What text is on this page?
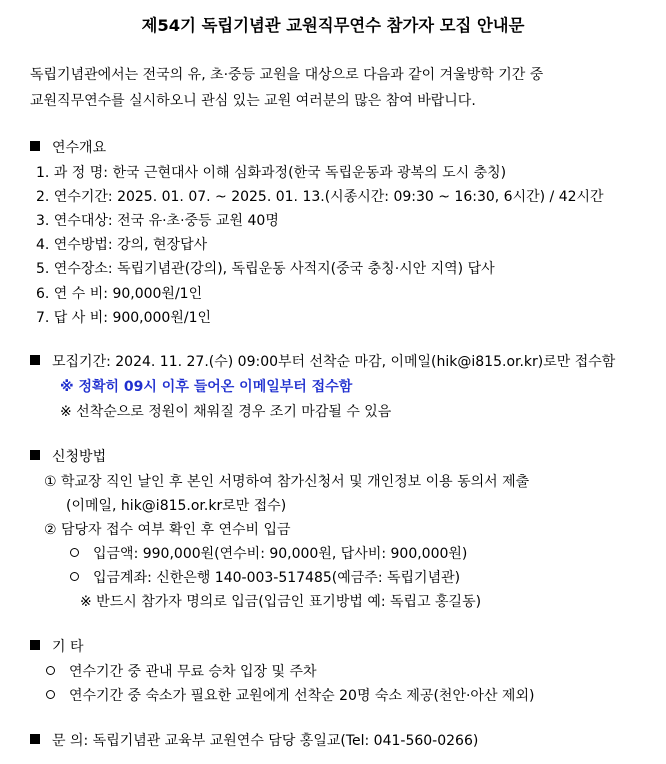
제54기 독립기념관 교원직무연수 참가자 모집 안내문
독립기념관에서는 전국의 유, 초·중등 교원을 대상으로 다음과 같이 겨울방학 기간 중
교원직무연수를 실시하오니 관심 있는 교원 여러분의 많은 참여 바랍니다.
연수개요
1. 과 정 명: 한국 근현대사 이해 심화과정(한국 독립운동과 광복의 도시 충칭)
2. 연수기간: 2025. 01. 07. ~ 2025. 01. 13.(시종시간: 09:30 ~ 16:30, 6시간) / 42시간
3. 연수대상: 전국 유·초·중등 교원 40명
4. 연수방법: 강의, 현장답사
5. 연수장소: 독립기념관(강의), 독립운동 사적지(중국 충칭·시안 지역) 답사
6. 연 수 비: 90,000원/1인
7. 답 사 비: 900,000원/1인
모집기간: 2024. 11. 27.(수) 09:00부터 선착순 마감, 이메일(hik@i815.or.kr)로만 접수함
※ 정확히 09시 이후 들어온 이메일부터 접수함
※ 선착순으로 정원이 채워질 경우 조기 마감될 수 있음
신청방법
① 학교장 직인 날인 후 본인 서명하여 참가신청서 및 개인정보 이용 동의서 제출
(이메일, hik@i815.or.kr로만 접수)
② 담당자 접수 여부 확인 후 연수비 입금
입금액: 990,000원(연수비: 90,000원, 답사비: 900,000원)
입금계좌: 신한은행 140-003-517485(예금주: 독립기념관)
※ 반드시 참가자 명의로 입금(입금인 표기방법 예: 독립고 홍길동)
기 타
연수기간 중 관내 무료 승차 입장 및 주차
연수기간 중 숙소가 필요한 교원에게 선착순 20명 숙소 제공(천안·아산 제외)
문 의: 독립기념관 교육부 교원연수 담당 홍일교(Tel: 041-560-0266)
